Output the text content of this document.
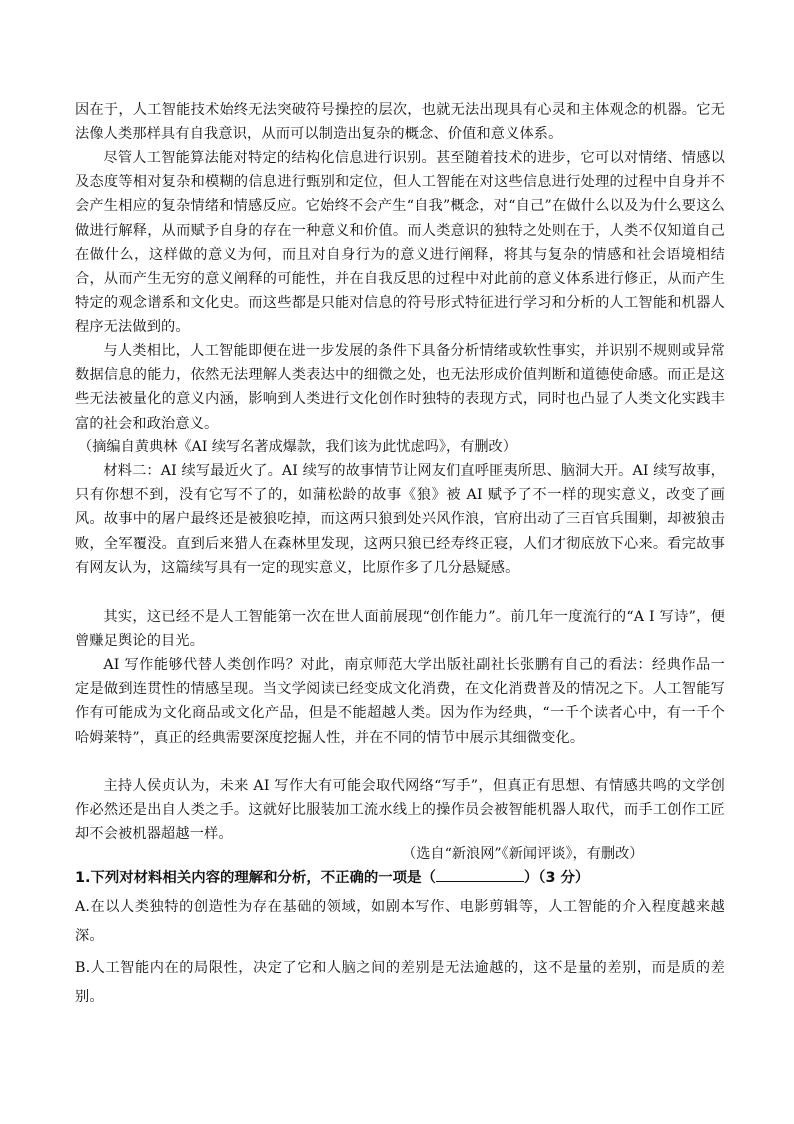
因在于，人工智能技术始终无法突破符号操控的层次，也就无法出现具有心灵和主体观念的机器。它无法像人类那样具有自我意识，从而可以制造出复杂的概念、价值和意义体系。

尽管人工智能算法能对特定的结构化信息进行识别。甚至随着技术的进步，它可以对情绪、情感以及态度等相对复杂和模糊的信息进行甄别和定位，但人工智能在对这些信息进行处理的过程中自身并不会产生相应的复杂情绪和情感反应。它始终不会产生“自我”概念，对“自己”在做什么以及为什么要这么做进行解释，从而赋予自身的存在一种意义和价值。而人类意识的独特之处则在于，人类不仅知道自己在做什么，这样做的意义为何，而且对自身行为的意义进行阐释，将其与复杂的情感和社会语境相结合，从而产生无穷的意义阐释的可能性，并在自我反思的过程中对此前的意义体系进行修正，从而产生特定的观念谱系和文化史。而这些都是只能对信息的符号形式特征进行学习和分析的人工智能和机器人程序无法做到的。

与人类相比，人工智能即便在进一步发展的条件下具备分析情绪或软性事实，并识别不规则或异常数据信息的能力，依然无法理解人类表达中的细微之处，也无法形成价值判断和道德使命感。而正是这些无法被量化的意义内涵，影响到人类进行文化创作时独特的表现方式，同时也凸显了人类文化实践丰富的社会和政治意义。

（摘编自黄典林《AI 续写名著成爆款，我们该为此忧虑吗》，有删改）

材料二：AI 续写最近火了。AI 续写的故事情节让网友们直呼匪夷所思、脑洞大开。AI 续写故事，只有你想不到，没有它写不了的，如蒲松龄的故事《狼》被 AI 赋予了不一样的现实意义，改变了画风。故事中的屠户最终还是被狼吃掉，而这两只狼到处兴风作浪，官府出动了三百官兵围剿，却被狼击败，全军覆没。直到后来猎人在森林里发现，这两只狼已经寿终正寝，人们才彻底放下心来。看完故事有网友认为，这篇续写具有一定的现实意义，比原作多了几分悬疑感。

其实，这已经不是人工智能第一次在世人面前展现“创作能力”。前几年一度流行的“A I 写诗”，便曾赚足舆论的目光。

AI 写作能够代替人类创作吗？对此，南京师范大学出版社副社长张鹏有自己的看法：经典作品一定是做到连贯性的情感呈现。当文学阅读已经变成文化消费，在文化消费普及的情况之下。人工智能写作有可能成为文化商品或文化产品，但是不能超越人类。因为作为经典，“一千个读者心中，有一千个哈姆莱特”，真正的经典需要深度挖掘人性，并在不同的情节中展示其细微变化。

主持人侯贞认为，未来 AI 写作大有可能会取代网络“写手”，但真正有思想、有情感共鸣的文学创作必然还是出自人类之手。这就好比服装加工流水线上的操作员会被智能机器人取代，而手工创作工匠却不会被机器超越一样。

（选自“新浪网”《新闻评谈》，有删改）

1.下列对材料相关内容的理解和分析，不正确的一项是（	）（3 分）

A.在以人类独特的创造性为存在基础的领域，如剧本写作、电影剪辑等，人工智能的介入程度越来越深。

B.人工智能内在的局限性，决定了它和人脑之间的差别是无法逾越的，这不是量的差别，而是质的差别。
